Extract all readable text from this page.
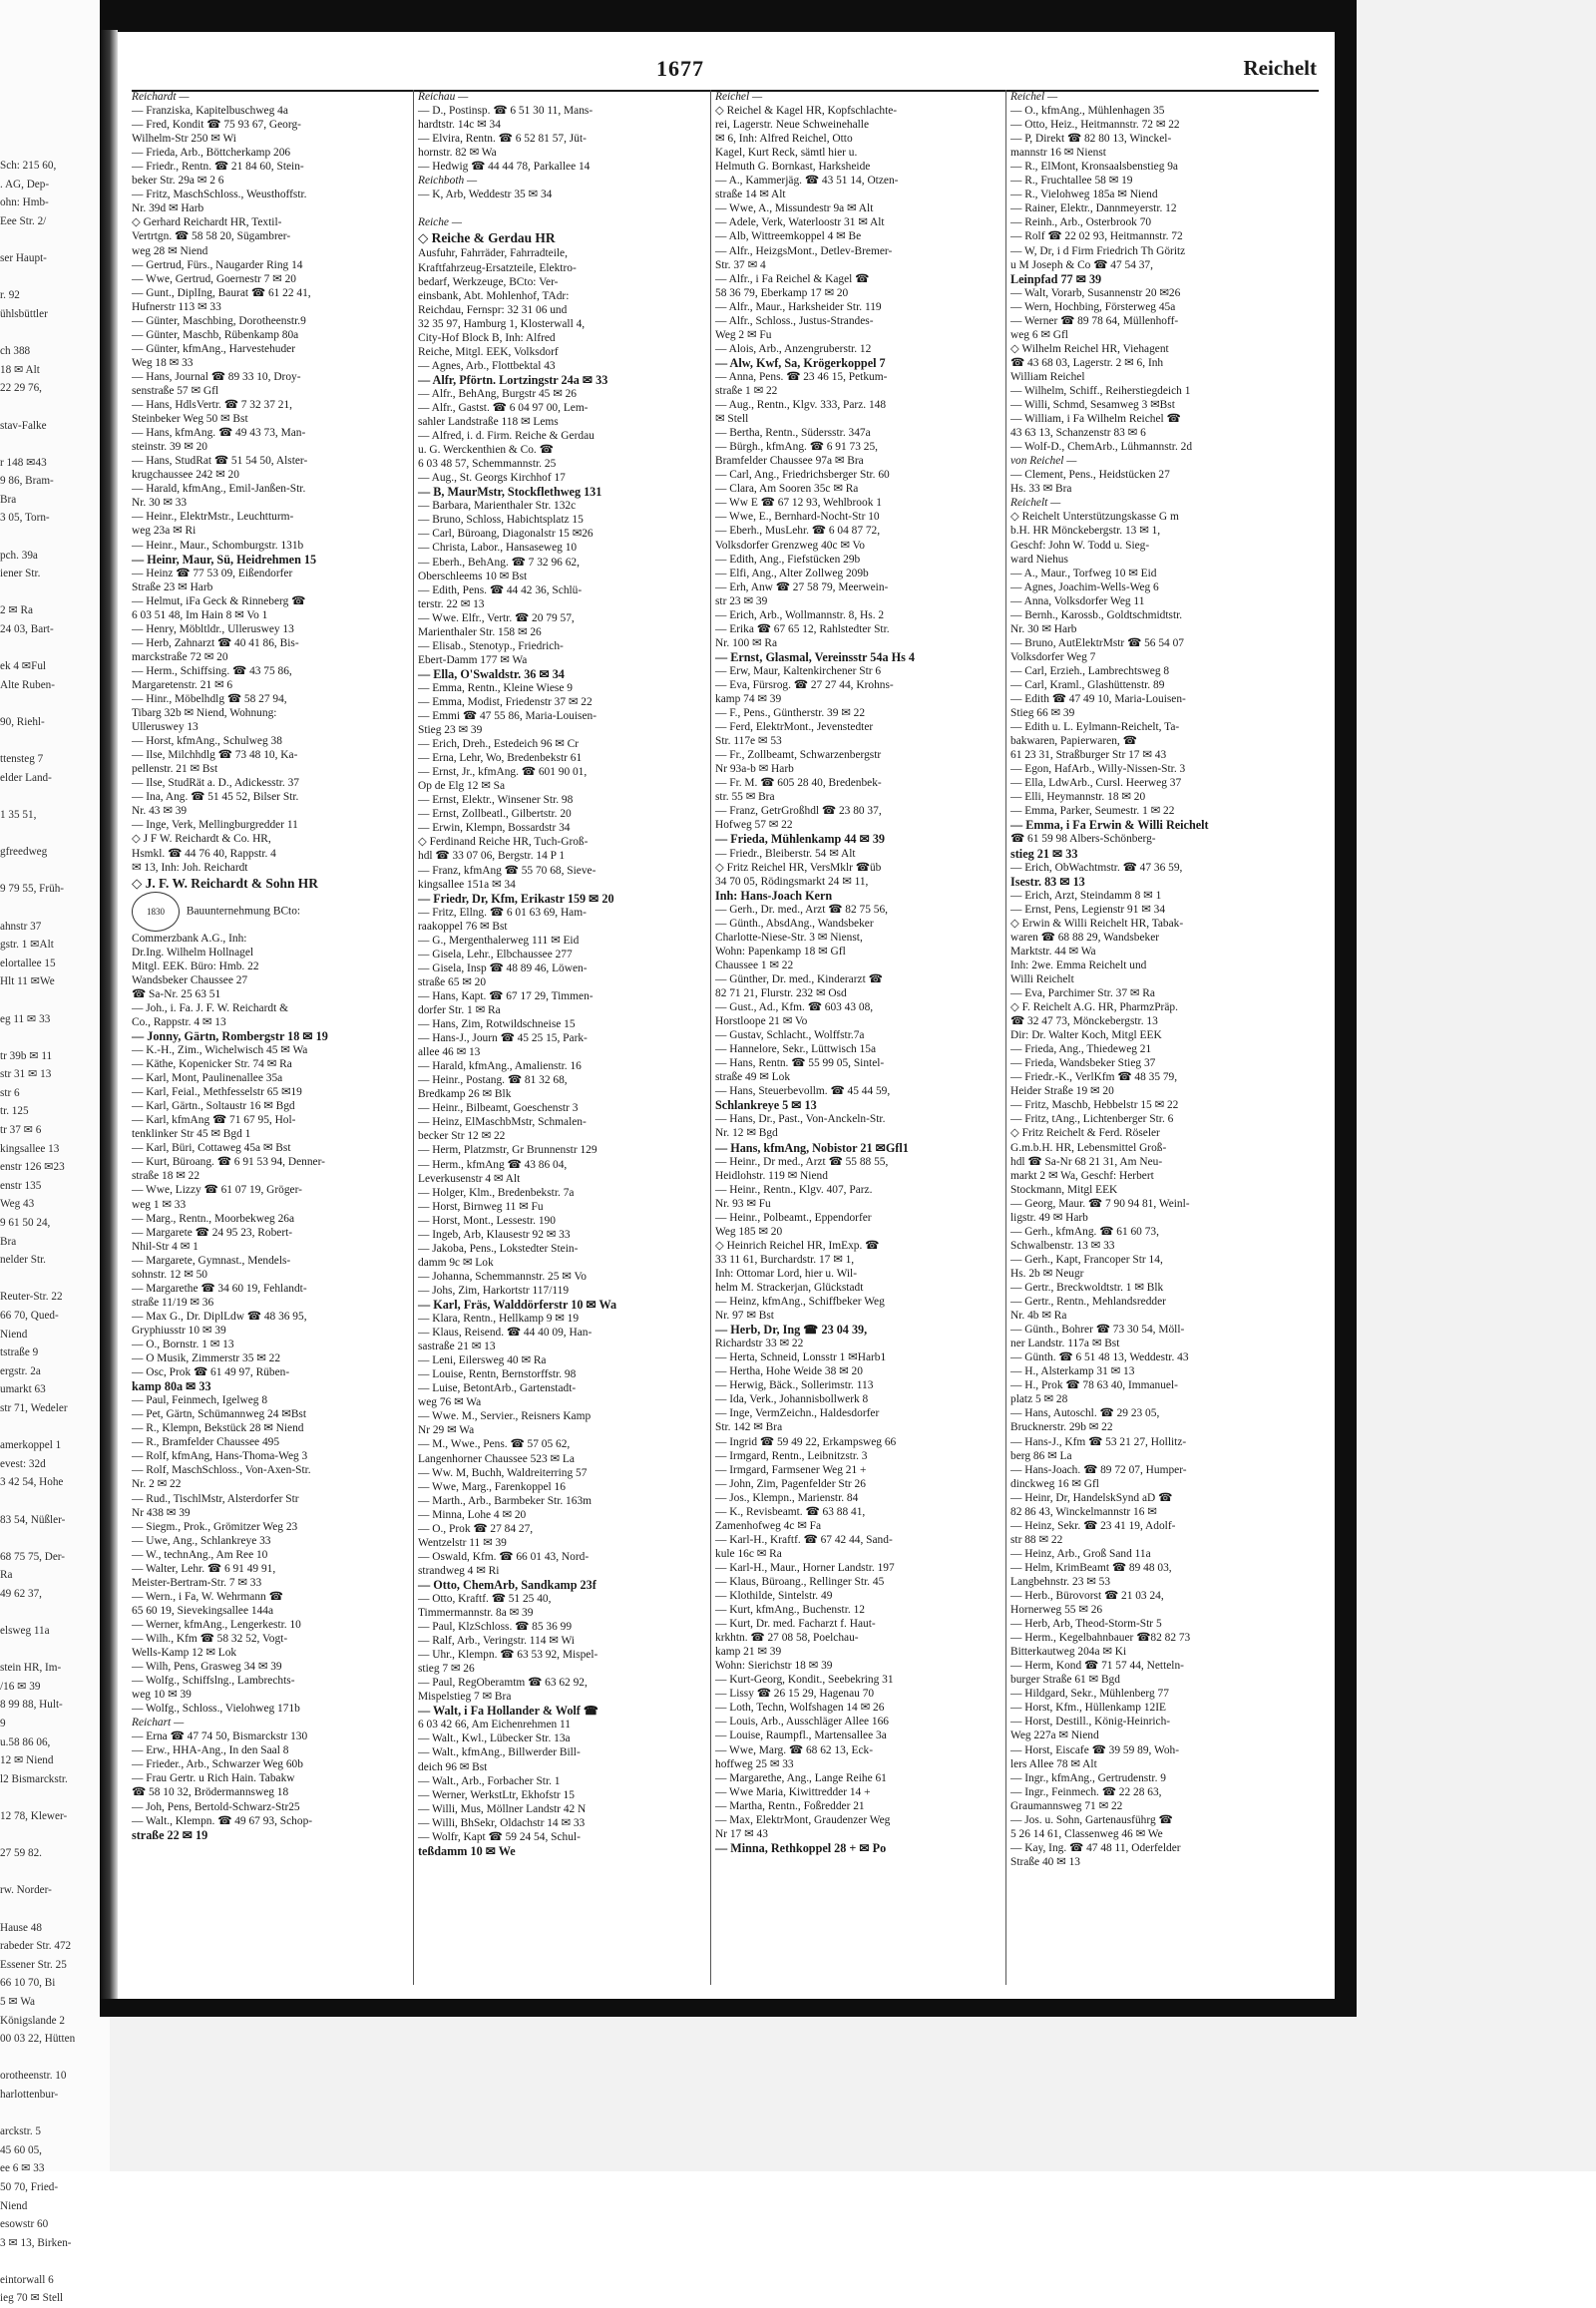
Sch: 215 60,
. AG, Dep-
ohn: Hmb-
Eee Str. 2/

ser Haupt-

r. 92
ühlsbüttler

ch 388
18 ✉ Alt
22 29 76,

stav-Falke

r 148 ✉43
9 86, Bram-
Bra
3 05, Torn-

pch. 39a
iener Str.

2 ✉ Ra
24 03, Bart-

ek 4 ✉Ful
Alte Ruben-

90, Riehl-

ttensteg 7
elder Land-

1 35 51,

gfreedweg

9 79 55, Früh-

ahnstr 37
gstr. 1 ✉Alt
elortallee 15
Hlt 11 ✉We

eg 11 ✉ 33

tr 39b ✉ 11
str 31 ✉ 13
str 6
tr. 125
tr 37 ✉ 6
kingsallee 13
enstr 126 ✉23
enstr 135
Weg 43
9 61 50 24,
Bra
nelder Str.

Reuter-Str. 22
66 70, Qued-
Niend
tstraße 9
ergstr. 2a
umarkt 63
str 71, Wedeler

amerkoppel 1
evest: 32d
3 42 54, Hohe

83 54, Nüßler-

68 75 75, Der-
Ra
49 62 37,

elsweg 11a

stein HR, Im-
/16 ✉ 39
8 99 88, Hult-
9
u.58 86 06,
12 ✉ Niend
l2 Bismarckstr.

12 78, Klewer-

27 59 82.

rw. Norder-

Hause 48
rabeder Str. 472
Essener Str. 25
66 10 70, Bi
5 ✉ Wa
Königslande 2
00 03 22, Hütten

orotheenstr. 10
harlottenbur-

arckstr. 5
45 60 05,
ee 6 ✉ 33
50 70, Fried-
Niend
esowstr 60
3 ✉ 13, Birken-

eintorwall 6
ieg 70 ✉ Stell
1677	Reichelt
Reichardt —
— Franziska, Kapitelbuschweg 4a
— Fred, Kondit ☎ 75 93 67, Georg-
Wilhelm-Str 250 ✉ Wi
— Frieda, Arb., Böttcherkamp 206
— Friedr., Rentn. ☎ 21 84 60, Stein-
beker Str. 29a ✉ 2 6
— Fritz, MaschSchloss., Weusthoffstr.
Nr. 39d ✉ Harb
◇ Gerhard Reichardt HR, Textil-
Vertrtgn. ☎ 58 58 20, Sügambrer-
weg 28 ✉ Niend
— Gertrud, Fürs., Naugarder Ring 14
— Wwe, Gertrud, Goernestr 7 ✉ 20
— Gunt., DiplIng, Baurat ☎ 61 22 41,
Hufnerstr 113 ✉ 33
— Günter, Maschbing, Dorotheenstr.9
— Günter, Maschb, Rübenkamp 80a
— Günter, kfmAng., Harvestehuder
Weg 18 ✉ 33
— Hans, Journal ☎ 89 33 10, Droy-
senstraße 57 ✉ Gfl
— Hans, HdlsVertr. ☎ 7 32 37 21,
Steinbeker Weg 50 ✉ Bst
— Hans, kfmAng. ☎ 49 43 73, Man-
steinstr. 39 ✉ 20
— Hans, StudRat ☎ 51 54 50, Alster-
krugchaussee 242 ✉ 20
— Harald, kfmAng., Emil-Janßen-Str.
Nr. 30 ✉ 33
— Heinr., ElektrMstr., Leuchtturm-
weg 23a ✉ Ri
— Heinr., Maur., Schomburgstr. 131b
— Heinr, Maur, Sü, Heidrehmen 15
— Heinz ☎ 77 53 09, Eißendorfer
Straße 23 ✉ Harb
— Helmut, iFa Geck & Rinneberg ☎
6 03 51 48, Im Hain 8 ✉ Vo 1
— Henry, Möbltldr., Ulleruswey 13
— Herb, Zahnarzt ☎ 40 41 86, Bis-
marckstraße 72 ✉ 20
— Herm., Schiffsing. ☎ 43 75 86,
Margaretenstr. 21 ✉ 6
— Hinr., Möbelhdlg ☎ 58 27 94,
Tibarg 32b ✉ Niend, Wohnung:
Ulleruswey 13
— Horst, kfmAng., Schulweg 38
— Ilse, Milchhdlg ☎ 73 48 10, Ka-
pellenstr. 21 ✉ Bst
— Ilse, StudRät a. D., Adickesstr. 37
— Ina, Ang. ☎ 51 45 52, Bilser Str.
Nr. 43 ✉ 39
— Inge, Verk, Mellingburgredder 11
◇ J F W. Reichardt & Co. HR,
Hsmkl. ☎ 44 76 40, Rappstr. 4
✉ 13, Inh: Joh. Reichardt
◇ J. F. W. Reichardt & Sohn HR
1830 Bauunternehmung BCto:
Commerzbank A.G., Inh:
Dr.Ing. Wilhelm Hollnagel
Mitgl. EEK. Büro: Hmb. 22
Wandsbeker Chaussee 27
☎ Sa-Nr. 25 63 51
— Joh., i. Fa. J. F. W. Reichardt &
Co., Rappstr. 4 ✉ 13
— Jonny, Gärtn, Rombergstr 18 ✉ 19
— K.-H., Zim., Wichelwisch 45 ✉ Wa
— Käthe, Kopenicker Str. 74 ✉ Ra
— Karl, Mont, Paulinenallee 35a
— Karl, Feial., Methfesselstr 65 ✉19
— Karl, Gärtn., Soltaustr 16 ✉ Bgd
— Karl, kfmAng ☎ 71 67 95, Hol-
tenklinker Str 45 ✉ Bgd 1
— Karl, Büri, Cottaweg 45a ✉ Bst
— Kurt, Büroang. ☎ 6 91 53 94, Denner-
straße 18 ✉ 22
— Wwe, Lizzy ☎ 61 07 19, Gröger-
weg 1 ✉ 33
— Marg., Rentn., Moorbekweg 26a
— Margarete ☎ 24 95 23, Robert-
Nhil-Str 4 ✉ 1
— Margarete, Gymnast., Mendels-
sohnstr. 12 ✉ 50
— Margarethe ☎ 34 60 19, Fehlandt-
straße 11/19 ✉ 36
— Max G., Dr. DiplLdw ☎ 48 36 95,
Gryphiusstr 10 ✉ 39
— O., Bornstr. 1 ✉ 13
— O Musik, Zimmerstr 35 ✉ 22
— Osc, Prok ☎ 61 49 97, Rüben-
kamp 80a ✉ 33
— Paul, Feinmech, Igelweg 8
— Pet, Gärtn, Schümannweg 24 ✉Bst
— R., Klempn, Bekstück 28 ✉ Niend
— R., Bramfelder Chaussee 495
— Rolf, kfmAng, Hans-Thoma-Weg 3
— Rolf, MaschSchloss., Von-Axen-Str.
Nr. 2 ✉ 22
— Rud., TischlMstr, Alsterdorfer Str
Nr 438 ✉ 39
— Siegm., Prok., Grömitzer Weg 23
— Uwe, Ang., Schlankreye 33
— W., technAng., Am Ree 10
— Walter, Lehr. ☎ 6 91 49 91,
Meister-Bertram-Str. 7 ✉ 33
— Wern., i Fa, W. Wehrmann ☎
65 60 19, Sievekingsallee 144a
— Werner, kfmAng., Lengerkestr. 10
— Wilh., Kfm ☎ 58 32 52, Vogt-
Wells-Kamp 12 ✉ Lok
— Wilh, Pens, Grasweg 34 ✉ 39
— Wolfg., Schiffslng., Lambrechts-
weg 10 ✉ 39
— Wolfg., Schloss., Vielohweg 171b
Reichart —
— Erna ☎ 47 74 50, Bismarckstr 130
— Erw., HHA-Ang., In den Saal 8
— Frieder., Arb., Schwarzer Weg 60b
— Frau Gertr. u Rich Hain. Tabakw
☎ 58 10 32, Brödermannsweg 18
— Joh, Pens, Bertold-Schwarz-Str25
— Walt., Klempn. ☎ 49 67 93, Schop-
straße 22 ✉ 19
Reichau —
— D., Postinsp. ☎ 6 51 30 11, Mans-
hardtstr. 14c ✉ 34
— Elvira, Rentn. ☎ 6 52 81 57, Jüt-
hornstr. 82 ✉ Wa
— Hedwig ☎ 44 44 78, Parkallee 14
Reichboth —
— K, Arb, Weddestr 35 ✉ 34

Reiche —
◇ Reiche & Gerdau HR
Ausfuhr, Fahrräder, Fahrradteile,
Kraftfahrzeug-Ersatzteile, Elektro-
bedarf, Werkzeuge, BCto: Ver-
einsbank, Abt. Mohlenhof, TAdr:
Reichdau, Fernspr: 32 31 06 und
32 35 97, Hamburg 1, Klosterwall 4,
City-Hof Block B, Inh: Alfred
Reiche, Mitgl. EEK, Volksdorf
— Agnes, Arb., Flottbektal 43
— Alfr, Pförtn. Lortzingstr 24a ✉ 33
— Alfr., BehAng, Burgstr 45 ✉ 26
— Alfr., Gastst. ☎ 6 04 97 00, Lem-
sahler Landstraße 118 ✉ Lems
— Alfred, i. d. Firm. Reiche & Gerdau
u. G. Werckenthien & Co. ☎
6 03 48 57, Schemmannstr. 25
— Aug., St. Georgs Kirchhof 17
— B, MaurMstr, Stockflethweg 131
— Barbara, Marienthaler Str. 132c
— Bruno, Schloss, Habichtsplatz 15
— Carl, Büroang, Diagonalstr 15 ✉26
— Christa, Labor., Hansaseweg 10
— Eberh., BehAng. ☎ 7 32 96 62,
Oberschleems 10 ✉ Bst
— Edith, Pens. ☎ 44 42 36, Schlü-
terstr. 22 ✉ 13
— Wwe. Elfr., Vertr. ☎ 20 79 57,
Marienthaler Str. 158 ✉ 26
— Elisab., Stenotyp., Friedrich-
Ebert-Damm 177 ✉ Wa
— Ella, O'Swaldstr. 36 ✉ 34
— Emma, Rentn., Kleine Wiese 9
— Emma, Modist, Friedenstr 37 ✉ 22
— Emmi ☎ 47 55 86, Maria-Louisen-
Stieg 23 ✉ 39
— Erich, Dreh., Estedeich 96 ✉ Cr
— Erna, Lehr, Wo, Bredenbekstr 61
— Ernst, Jr., kfmAng. ☎ 601 90 01,
Op de Elg 12 ✉ Sa
— Ernst, Elektr., Winsener Str. 98
— Ernst, Zollbeatl., Gilbertstr. 20
— Erwin, Klempn, Bossardstr 34
◇ Ferdinand Reiche HR, Tuch-Groß-
hdl ☎ 33 07 06, Bergstr. 14 P 1
— Franz, kfmAng ☎ 55 70 68, Sieve-
kingsallee 151a ✉ 34
— Friedr, Dr, Kfm, Erikastr 159 ✉ 20
— Fritz, Ellng. ☎ 6 01 63 69, Ham-
raakoppel 76 ✉ Bst
— G., Mergenthalerweg 111 ✉ Eid
— Gisela, Lehr., Elbchaussee 277
— Gisela, Insp ☎ 48 89 46, Löwen-
straße 65 ✉ 20
— Hans, Kapt. ☎ 67 17 29, Timmen-
dorfer Str. 1 ✉ Ra
— Hans, Zim, Rotwildschneise 15
— Hans-J., Journ ☎ 45 25 15, Park-
allee 46 ✉ 13
— Harald, kfmAng., Amalienstr. 16
— Heinr., Postang. ☎ 81 32 68,
Bredkamp 26 ✉ Blk
— Heinr., Bilbeamt, Goeschenstr 3
— Heinz, ElMaschbMstr, Schmalen-
becker Str 12 ✉ 22
— Herm, Platzmstr, Gr Brunnenstr 129
— Herm., kfmAng ☎ 43 86 04,
Leverkusenstr 4 ✉ Alt
— Holger, Klm., Bredenbekstr. 7a
— Horst, Birnweg 11 ✉ Fu
— Horst, Mont., Lessestr. 190
— Ingeb, Arb, Klausestr 92 ✉ 33
— Jakoba, Pens., Lokstedter Stein-
damm 9c ✉ Lok
— Johanna, Schemmannstr. 25 ✉ Vo
— Johs, Zim, Harkortstr 117/119
— Karl, Fräs, Walddörferstr 10 ✉ Wa
— Klara, Rentn., Hellkamp 9 ✉ 19
— Klaus, Reisend. ☎ 44 40 09, Han-
sastraße 21 ✉ 13
— Leni, Eilersweg 40 ✉ Ra
— Louise, Rentn, Bernstorffstr. 98
— Luise, BetontArb., Gartenstadt-
weg 76 ✉ Wa
— Wwe. M., Servier., Reisners Kamp
Nr 29 ✉ Wa
— M., Wwe., Pens. ☎ 57 05 62,
Langenhorner Chaussee 523 ✉ La
— Ww. M, Buchh, Waldreiterring 57
— Wwe, Marg., Farenkoppel 16
— Marth., Arb., Barmbeker Str. 163m
— Minna, Lohe 4 ✉ 20
— O., Prok ☎ 27 84 27,
Wentzelstr 11 ✉ 39
— Oswald, Kfm. ☎ 66 01 43, Nord-
strandweg 4 ✉ Ri
— Otto, ChemArb, Sandkamp 23f
— Otto, Kraftf. ☎ 51 25 40,
Timmermannstr. 8a ✉ 39
— Paul, KlzSchloss. ☎ 85 36 99
— Ralf, Arb., Veringstr. 114 ✉ Wi
— Uhr., Klempn. ☎ 63 53 92, Mispel-
stieg 7 ✉ 26
— Paul, RegOberamtm ☎ 63 62 92,
Mispelstieg 7 ✉ Bra
— Walt, i Fa Hollander & Wolf ☎
6 03 42 66, Am Eichenrehmen 11
— Walt., Kwl., Lübecker Str. 13a
— Walt., kfmAng., Billwerder Bill-
deich 96 ✉ Bst
— Walt., Arb., Forbacher Str. 1
— Werner, WerkstLtr, Ekhofstr 15
— Willi, Mus, Möllner Landstr 42 N
— Willi, BhSekr, Oldachstr 14 ✉ 33
— Wolfr, Kapt ☎ 59 24 54, Schul-
teßdamm 10 ✉ We
Reichel —
◇ Reichel & Kagel HR, Kopfschlachte-
rei, Lagerstr. Neue Schweinehalle
✉ 6, Inh: Alfred Reichel, Otto
Kagel, Kurt Reck, sämtl hier u.
Helmuth G. Bornkast, Harksheide
— A., Kammerjäg. ☎ 43 51 14, Otzen-
straße 14 ✉ Alt
— Wwe, A., Missundestr 9a ✉ Alt
— Adele, Verk, Waterloostr 31 ✉ Alt
— Alb, Wittreemkoppel 4 ✉ Be
— Alfr., HeizgsMont., Detlev-Bremer-
Str. 37 ✉ 4
— Alfr., i Fa Reichel & Kagel ☎
58 36 79, Eberkamp 17 ✉ 20
— Alfr., Maur., Harksheider Str. 119
— Alfr., Schloss., Justus-Strandes-
Weg 2 ✉ Fu
— Alois, Arb., Anzengruberstr. 12
— Alw, Kwf, Sa, Krögerkoppel 7
— Anna, Pens. ☎ 23 46 15, Petkum-
straße 1 ✉ 22
— Aug., Rentn., Klgv. 333, Parz. 148
✉ Stell
— Bertha, Rentn., Südersstr. 347a
— Bürgh., kfmAng. ☎ 6 91 73 25,
Bramfelder Chaussee 97a ✉ Bra
— Carl, Ang., Friedrichsberger Str. 60
— Clara, Am Sooren 35c ✉ Ra
— Ww E ☎ 67 12 93, Wehlbrook 1
— Wwe, E., Bernhard-Nocht-Str 10
— Eberh., MusLehr. ☎ 6 04 87 72,
Volksdorfer Grenzweg 40c ✉ Vo
— Edith, Ang., Fiefstücken 29b
— Elfi, Ang., Alter Zollweg 209b
— Erh, Anw ☎ 27 58 79, Meerwein-
str 23 ✉ 39
— Erich, Arb., Wollmannstr. 8, Hs. 2
— Erika ☎ 67 65 12, Rahlstedter Str.
Nr. 100 ✉ Ra
— Ernst, Glasmal, Vereinsstr 54a Hs 4
— Erw, Maur, Kaltenkirchener Str 6
— Eva, Fürsrog. ☎ 27 27 44, Krohns-
kamp 74 ✉ 39
— F., Pens., Güntherstr. 39 ✉ 22
— Ferd, ElektrMont., Jevenstedter
Str. 117e ✉ 53
— Fr., Zollbeamt, Schwarzenbergstr
Nr 93a-b ✉ Harb
— Fr. M. ☎ 605 28 40, Bredenbek-
str. 55 ✉ Bra
— Franz, GetrGroßhdl ☎ 23 80 37,
Hofweg 57 ✉ 22
— Frieda, Mühlenkamp 44 ✉ 39
— Friedr., Bleiberstr. 54 ✉ Alt
◇ Fritz Reichel HR, VersMklr ☎üb
34 70 05, Rödingsmarkt 24 ✉ 11,
Inh: Hans-Joach Kern
— Gerh., Dr. med., Arzt ☎ 82 75 56,
— Günth., AbsdAng., Wandsbeker
Charlotte-Niese-Str. 3 ✉ Nienst,
Wohn: Papenkamp 18 ✉ Gfl
Chaussee 1 ✉ 22
— Günther, Dr. med., Kinderarzt ☎
82 71 21, Flurstr. 232 ✉ Osd
— Gust., Ad., Kfm. ☎ 603 43 08,
Horstloope 21 ✉ Vo
— Gustav, Schlacht., Wolffstr.7a
— Hannelore, Sekr., Lüttwisch 15a
— Hans, Rentn. ☎ 55 99 05, Sintel-
straße 49 ✉ Lok
— Hans, Steuerbevollm. ☎ 45 44 59,
Schlankreye 5 ✉ 13
— Hans, Dr., Past., Von-Anckeln-Str.
Nr. 12 ✉ Bgd
— Hans, kfmAng, Nobistor 21 ✉Gfl1
— Heinr., Dr med., Arzt ☎ 55 88 55,
Heidlohstr. 119 ✉ Niend
— Heinr., Rentn., Klgv. 407, Parz.
Nr. 93 ✉ Fu
— Heinr., Polbeamt., Eppendorfer
Weg 185 ✉ 20
◇ Heinrich Reichel HR, ImExp. ☎
33 11 61, Burchardstr. 17 ✉ 1,
Inh: Ottomar Lord, hier u. Wil-
helm M. Strackerjan, Glückstadt
— Heinz, kfmAng., Schiffbeker Weg
Nr. 97 ✉ Bst
— Herb, Dr, Ing ☎ 23 04 39,
Richardstr 33 ✉ 22
— Herta, Schneid, Lonsstr 1 ✉Harb1
— Hertha, Hohe Weide 38 ✉ 20
— Herwig, Bäck., Sollerimstr. 113
— Ida, Verk., Johannisbollwerk 8
— Inge, VermZeichn., Haldesdorfer
Str. 142 ✉ Bra
— Ingrid ☎ 59 49 22, Erkampsweg 66
— Irmgard, Rentn., Leibnitzstr. 3
— Irmgard, Farmsener Weg 21 +
— John, Zim, Pagenfelder Str 26
— Jos., Klempn., Marienstr. 84
— K., Revisbeamt. ☎ 63 88 41,
Zamenhofweg 4c ✉ Fa
— Karl-H., Kraftf. ☎ 67 42 44, Sand-
kule 16c ✉ Ra
— Karl-H., Maur., Horner Landstr. 197
— Klaus, Büroang., Rellinger Str. 45
— Klothilde, Sintelstr. 49
— Kurt, kfmAng., Buchenstr. 12
— Kurt, Dr. med. Facharzt f. Haut-
krkhtn. ☎ 27 08 58, Poelchau-
kamp 21 ✉ 39
Wohn: Sierichstr 18 ✉ 39
— Kurt-Georg, Kondit., Seebekring 31
— Lissy ☎ 26 15 29, Hagenau 70
— Loth, Techn, Wolfshagen 14 ✉ 26
— Louis, Arb., Ausschläger Allee 166
— Louise, Raumpfl., Martensallee 3a
— Wwe, Marg. ☎ 68 62 13, Eck-
hoffweg 25 ✉ 33
— Margarethe, Ang., Lange Reihe 61
— Wwe Maria, Kiwittredder 14 +
— Martha, Rentn., Foßredder 21
— Max, ElektrMont, Graudenzer Weg
Nr 17 ✉ 43
— Minna, Rethkoppel 28 + ✉ Po
Reichel —
— O., kfmAng., Mühlenhagen 35
— Otto, Heiz., Heitmannstr. 72 ✉ 22
— P, Direkt ☎ 82 80 13, Winckel-
mannstr 16 ✉ Nienst
— R., ElMont, Kronsaalsbenstieg 9a
— R., Fruchtallee 58 ✉ 19
— R., Vielohweg 185a ✉ Niend
— Rainer, Elektr., Dannmeyerstr. 12
— Reinh., Arb., Osterbrook 70
— Rolf ☎ 22 02 93, Heitmannstr. 72
— W, Dr, i d Firm Friedrich Th Göritz
u M Joseph & Co ☎ 47 54 37,
Leinpfad 77 ✉ 39
— Walt, Vorarb, Susannenstr 20 ✉26
— Wern, Hochbing, Försterweg 45a
— Werner ☎ 89 78 64, Müllenhoff-
weg 6 ✉ Gfl
◇ Wilhelm Reichel HR, Viehagent
☎ 43 68 03, Lagerstr. 2 ✉ 6, Inh
William Reichel
— Wilhelm, Schiff., Reiherstiegdeich 1
— Willi, Schmd, Sesamweg 3 ✉Bst
— William, i Fa Wilhelm Reichel ☎
43 63 13, Schanzenstr 83 ✉ 6
— Wolf-D., ChemArb., Lühmannstr. 2d
von Reichel —
— Clement, Pens., Heidstücken 27
Hs. 33 ✉ Bra
Reichelt —
◇ Reichelt Unterstützungskasse G m
b.H. HR Mönckebergstr. 13 ✉ 1,
Geschf: John W. Todd u. Sieg-
ward Niehus
— A., Maur., Torfweg 10 ✉ Eid
— Agnes, Joachim-Wells-Weg 6
— Anna, Volksdorfer Weg 11
— Bernh., Karossb., Goldtschmidtstr.
Nr. 30 ✉ Harb
— Bruno, AutElektrMstr ☎ 56 54 07
Volksdorfer Weg 7
— Carl, Erzieh., Lambrechtsweg 8
— Carl, Kraml., Glashüttenstr. 89
— Edith ☎ 47 49 10, Maria-Louisen-
Stieg 66 ✉ 39
— Edith u. L. Eylmann-Reichelt, Ta-
bakwaren, Papierwaren, ☎
61 23 31, Straßburger Str 17 ✉ 43
— Egon, HafArb., Willy-Nissen-Str. 3
— Ella, LdwArb., Cursl. Heerweg 37
— Elli, Heymannstr. 18 ✉ 20
— Emma, Parker, Seumestr. 1 ✉ 22
— Emma, i Fa Erwin & Willi Reichelt
☎ 61 59 98 Albers-Schönberg-
stieg 21 ✉ 33
— Erich, ObWachtmstr. ☎ 47 36 59,
Isestr. 83 ✉ 13
— Erich, Arzt, Steindamm 8 ✉ 1
— Ernst, Pens, Legienstr 91 ✉ 34
◇ Erwin & Willi Reichelt HR, Tabak-
waren ☎ 68 88 29, Wandsbeker
Marktstr. 44 ✉ Wa
Inh: 2we. Emma Reichelt und
Willi Reichelt
— Eva, Parchimer Str. 37 ✉ Ra
◇ F. Reichelt A.G. HR, PharmzPräp.
☎ 32 47 73, Mönckebergstr. 13
Dir: Dr. Walter Koch, Mitgl EEK
— Frieda, Ang., Thiedeweg 21
— Frieda, Wandsbeker Stieg 37
— Friedr.-K., VerlKfm ☎ 48 35 79,
Heider Straße 19 ✉ 20
— Fritz, Maschb, Hebbelstr 15 ✉ 22
— Fritz, tAng., Lichtenberger Str. 6
◇ Fritz Reichelt & Ferd. Röseler
G.m.b.H. HR, Lebensmittel Groß-
hdl ☎ Sa-Nr 68 21 31, Am Neu-
markt 2 ✉ Wa, Geschf: Herbert
Stockmann, Mitgl EEK
— Georg, Maur. ☎ 7 90 94 81, Weinl-
ligstr. 49 ✉ Harb
— Gerh., kfmAng. ☎ 61 60 73,
Schwalbenstr. 13 ✉ 33
— Gerh., Kapt, Francoper Str 14,
Hs. 2b ✉ Neugr
— Gertr., Breckwoldtstr. 1 ✉ Blk
— Gertr., Rentn., Mehlandsredder
Nr. 4b ✉ Ra
— Günth., Bohrer ☎ 73 30 54, Möll-
ner Landstr. 117a ✉ Bst
— Günth. ☎ 6 51 48 13, Weddestr. 43
— H., Alsterkamp 31 ✉ 13
— H., Prok ☎ 78 63 40, Immanuel-
platz 5 ✉ 28
— Hans, Autoschl. ☎ 29 23 05,
Brucknerstr. 29b ✉ 22
— Hans-J., Kfm ☎ 53 21 27, Hollitz-
berg 86 ✉ La
— Hans-Joach. ☎ 89 72 07, Humper-
dinckweg 16 ✉ Gfl
— Heinr, Dr, HandelskSynd aD ☎
82 86 43, Winckelmannstr 16 ✉
— Heinz, Sekr. ☎ 23 41 19, Adolf-
str 88 ✉ 22
— Heinz, Arb., Groß Sand 11a
— Helm, KrimBeamt ☎ 89 48 03,
Langbehnstr. 23 ✉ 53
— Herb., Bürovorst ☎ 21 03 24,
Hornerweg 55 ✉ 26
— Herb, Arb, Theod-Storm-Str 5
— Herm., Kegelbahnbauer ☎82 82 73
Bitterkautweg 204a ✉ Ki
— Herm, Kond ☎ 71 57 44, Netteln-
burger Straße 61 ✉ Bgd
— Hildgard, Sekr., Mühlenberg 77
— Horst, Kfm., Hüllenkamp 12IE
— Horst, Destill., König-Heinrich-
Weg 227a ✉ Niend
— Horst, Eiscafe ☎ 39 59 89, Woh-
lers Allee 78 ✉ Alt
— Ingr., kfmAng., Gertrudenstr. 9
— Ingr., Feinmech. ☎ 22 28 63,
Graumannsweg 71 ✉ 22
— Jos. u. Sohn, Gartenausführg ☎
5 26 14 61, Classenweg 46 ✉ We
— Kay, Ing. ☎ 47 48 11, Oderfelder
Straße 40 ✉ 13
